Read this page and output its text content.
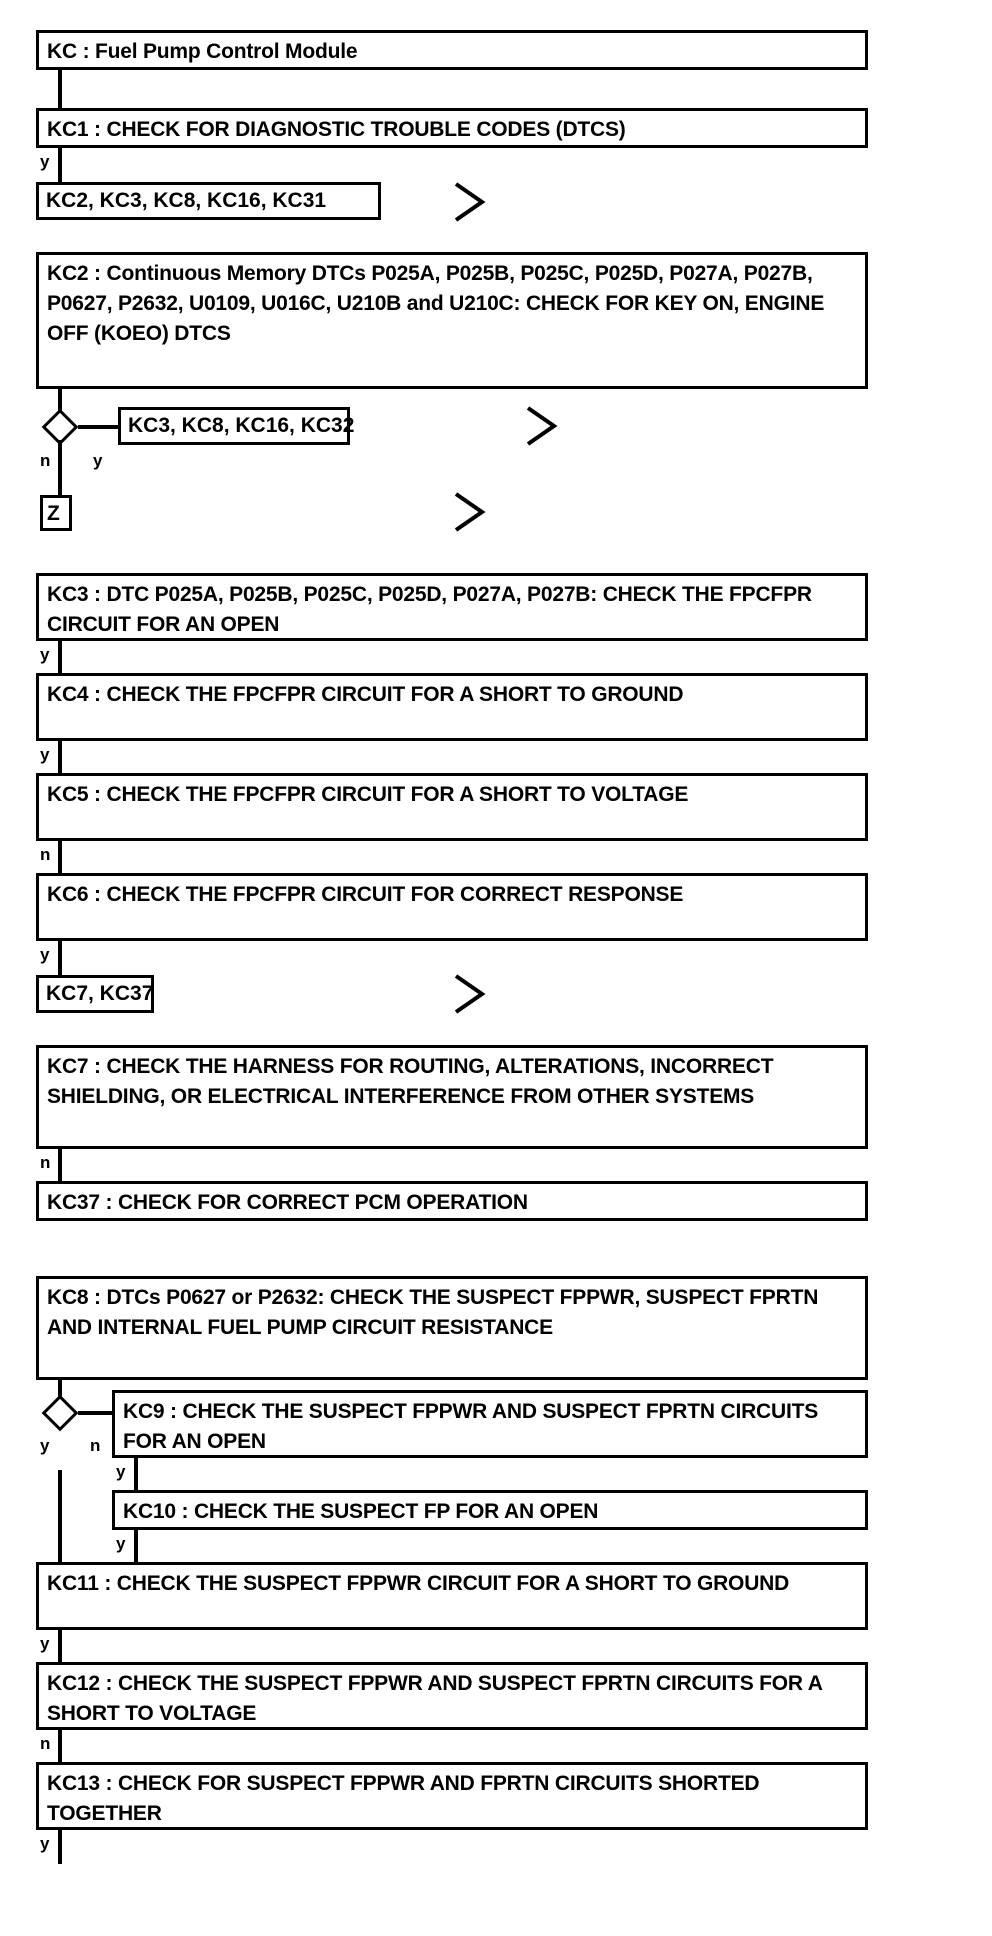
KC : Fuel Pump Control Module
KC1 : CHECK FOR DIAGNOSTIC TROUBLE CODES (DTCS)
y
KC2, KC3, KC8, KC16, KC31
KC2 : Continuous Memory DTCs P025A, P025B, P025C, P025D, P027A, P027B, P0627, P2632, U0109, U016C, U210B and U210C: CHECK FOR KEY ON, ENGINE OFF (KOEO) DTCS
n	y
KC3, KC8, KC16, KC32
Z
KC3 : DTC P025A, P025B, P025C, P025D, P027A, P027B: CHECK THE FPCFPR CIRCUIT FOR AN OPEN
y
KC4 : CHECK THE FPCFPR CIRCUIT FOR A SHORT TO GROUND
y
KC5 : CHECK THE FPCFPR CIRCUIT FOR A SHORT TO VOLTAGE
n
KC6 : CHECK THE FPCFPR CIRCUIT FOR CORRECT RESPONSE
y
KC7, KC37
KC7 : CHECK THE HARNESS FOR ROUTING, ALTERATIONS, INCORRECT SHIELDING, OR ELECTRICAL INTERFERENCE FROM OTHER SYSTEMS
n
KC37 : CHECK FOR CORRECT PCM OPERATION
KC8 : DTCs P0627 or P2632: CHECK THE SUSPECT FPPWR, SUSPECT FPRTN AND INTERNAL FUEL PUMP CIRCUIT RESISTANCE
y n
KC9 : CHECK THE SUSPECT FPPWR AND SUSPECT FPRTN CIRCUITS FOR AN OPEN
y
KC10 : CHECK THE SUSPECT FP FOR AN OPEN
y
KC11 : CHECK THE SUSPECT FPPWR CIRCUIT FOR A SHORT TO GROUND
y
KC12 : CHECK THE SUSPECT FPPWR AND SUSPECT FPRTN CIRCUITS FOR A SHORT TO VOLTAGE
n
KC13 : CHECK FOR SUSPECT FPPWR AND FPRTN CIRCUITS SHORTED TOGETHER
y
